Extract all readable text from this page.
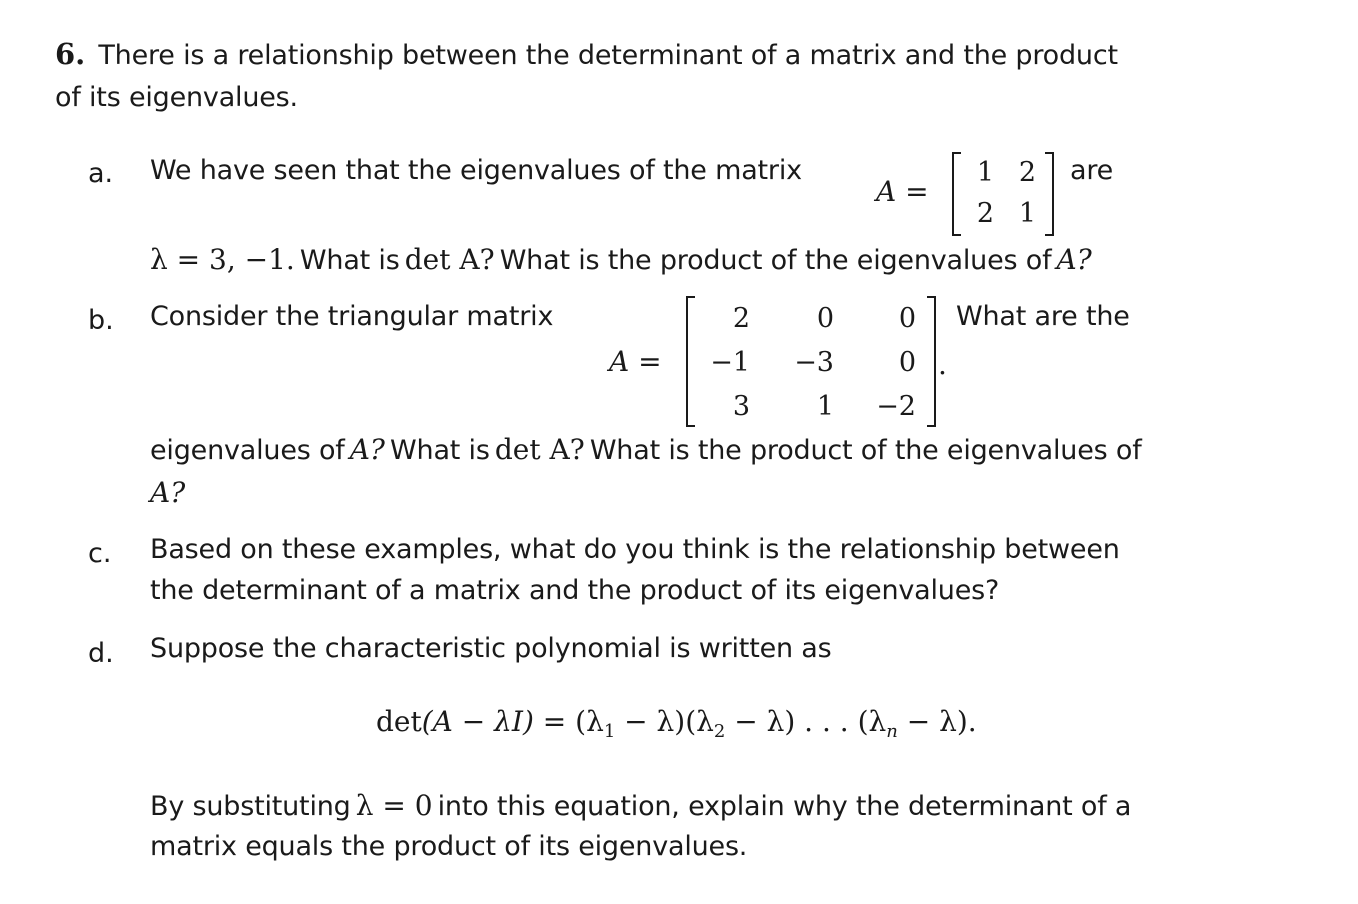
6. There is a relationship between the determinant of a matrix and the product
of its eigenvalues.
a. We have seen that the eigenvalues of the matrix
A =
1	2
2	1
are
λ = 3, −1. What is det A? What is the product of the eigenvalues of A?
b. Consider the triangular matrix
A =
2	0	0
−1	−3	0
3	1	−2
.
What are the
eigenvalues of A? What is det A? What is the product of the eigenvalues of
A?
c. Based on these examples, what do you think is the relationship between
the determinant of a matrix and the product of its eigenvalues?
d. Suppose the characteristic polynomial is written as
$\det(A - \lambda I) = (\lambda_1 - \lambda)(\lambda_2 - \lambda)$ . . . $(\lambda_n - \lambda)$.
By substituting λ = 0 into this equation, explain why the determinant of a
matrix equals the product of its eigenvalues.
